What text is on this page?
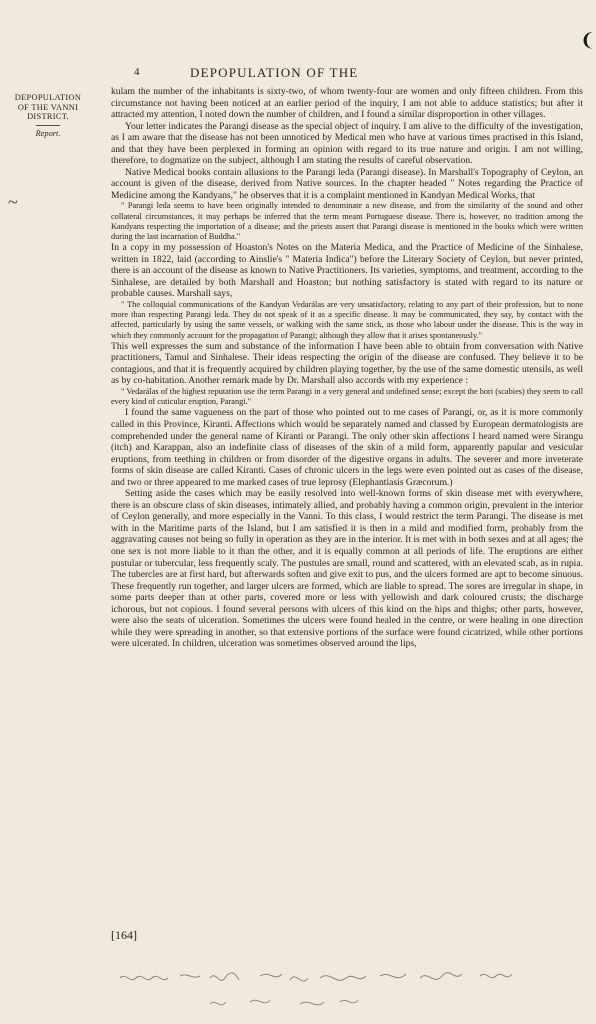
❨
4	DEPOPULATION OF THE
DEPOPULATION
OF THE VANNI
DISTRICT.
Report.
~

kulam the number of the inhabitants is sixty-two, of whom twenty-four are women and only fifteen children. From this circumstance not having been noticed at an earlier period of the inquiry, I am not able to adduce statistics; but after it attracted my attention, I noted down the number of children, and I found a similar disproportion in other villages.

Your letter indicates the Parangi disease as the special object of inquiry. I am alive to the difficulty of the investigation, as I am aware that the disease has not been unnoticed by Medical men who have at various times practised in this Island, and that they have been perplexed in forming an opinion with regard to its true nature and origin. I am not willing, therefore, to dogmatize on the subject, although I am stating the results of careful observation.

Native Medical books contain allusions to the Parangi leda (Parangi disease). In Marshall's Topography of Ceylon, an account is given of the disease, derived from Native sources. In the chapter headed " Notes regarding the Practice of Medicine among the Kandyans," he observes that it is a complaint mentioned in Kandyan Medical Works, that

" Parangi leda seems to have been originally intended to denominate a new disease, and from the similarity of the sound and other collateral circumstances, it may perhaps be inferred that the term meant Portuguese disease. There is, however, no tradition among the Kandyans respecting the importation of a disease; and the priests assert that Parangi disease is mentioned in the books which were written during the last incarnation of Buddha."

In a copy in my possession of Hoaston's Notes on the Materia Medica, and the Practice of Medicine of the Sinhalese, written in 1822, laid (according to Ainslie's " Materia Indica") before the Literary Society of Ceylon, but never printed, there is an account of the disease as known to Native Practitioners. Its varieties, symptoms, and treatment, according to the Sinhalese, are detailed by both Marshall and Hoaston; but nothing satisfactory is stated with regard to its nature or probable causes. Marshall says,

" The colloquial communications of the Kandyan Vedarálas are very unsatisfactory, relating to any part of their profession, but to none more than respecting Parangi leda. They do not speak of it as a specific disease. It may be communicated, they say, by contact with the affected, particularly by using the same vessels, or walking with the same stick, as those who labour under the disease. This is the way in which they commonly account for the propagation of Parangi; although they allow that it arises spontaneously."

This well expresses the sum and substance of the information I have been able to obtain from conversation with Native practitioners, Tamul and Sinhalese. Their ideas respecting the origin of the disease are confused. They believe it to be contagious, and that it is frequently acquired by children playing together, by the use of the same domestic utensils, as well as by co-habitation. Another remark made by Dr. Marshall also accords with my experience :

" Vedarálas of the highest reputation use the term Parangi in a very general and undefined sense; except the hori (scabies) they seem to call every kind of cuticular eruption, Parangi."

I found the same vagueness on the part of those who pointed out to me cases of Parangi, or, as it is more commonly called in this Province, Kiranti. Affections which would be separately named and classed by European dermatologists are comprehended under the general name of Kiranti or Parangi. The only other skin affections I heard named were Sirangu (itch) and Karappan, also an indefinite class of diseases of the skin of a mild form, apparently papular and vesicular eruptions, from teething in children or from disorder of the digestive organs in adults. The severer and more inveterate forms of skin disease are called Kiranti. Cases of chronic ulcers in the legs were even pointed out as cases of the disease, and two or three appeared to me marked cases of true leprosy (Elephantiasis Græcorum.)

Setting aside the cases which may be easily resolved into well-known forms of skin disease met with everywhere, there is an obscure class of skin diseases, intimately allied, and probably having a common origin, prevalent in the interior of Ceylon generally, and more especially in the Vanni. To this class, I would restrict the term Parangi. The disease is met with in the Maritime parts of the Island, but I am satisfied it is then in a mild and modified form, probably from the aggravating causes not being so fully in operation as they are in the interior. It is met with in both sexes and at all ages; the one sex is not more liable to it than the other, and it is equally common at all periods of life. The eruptions are either pustular or tubercular, less frequently scaly. The pustules are small, round and scattered, with an elevated scab, as in rupia. The tubercles are at first hard, but afterwards soften and give exit to pus, and the ulcers formed are apt to become sinuous. These frequently run together, and larger ulcers are formed, which are liable to spread. The sores are irregular in shape, in some parts deeper than at other parts, covered more or less with yellowish and dark coloured crusts; the discharge ichorous, but not copious. I found several persons with ulcers of this kind on the hips and thighs; other parts, however, were also the seats of ulceration. Sometimes the ulcers were found healed in the centre, or were healing in one direction while they were spreading in another, so that extensive portions of the surface were found cicatrized, while other portions were ulcerated. In children, ulceration was sometimes observed around the lips,

[164]
